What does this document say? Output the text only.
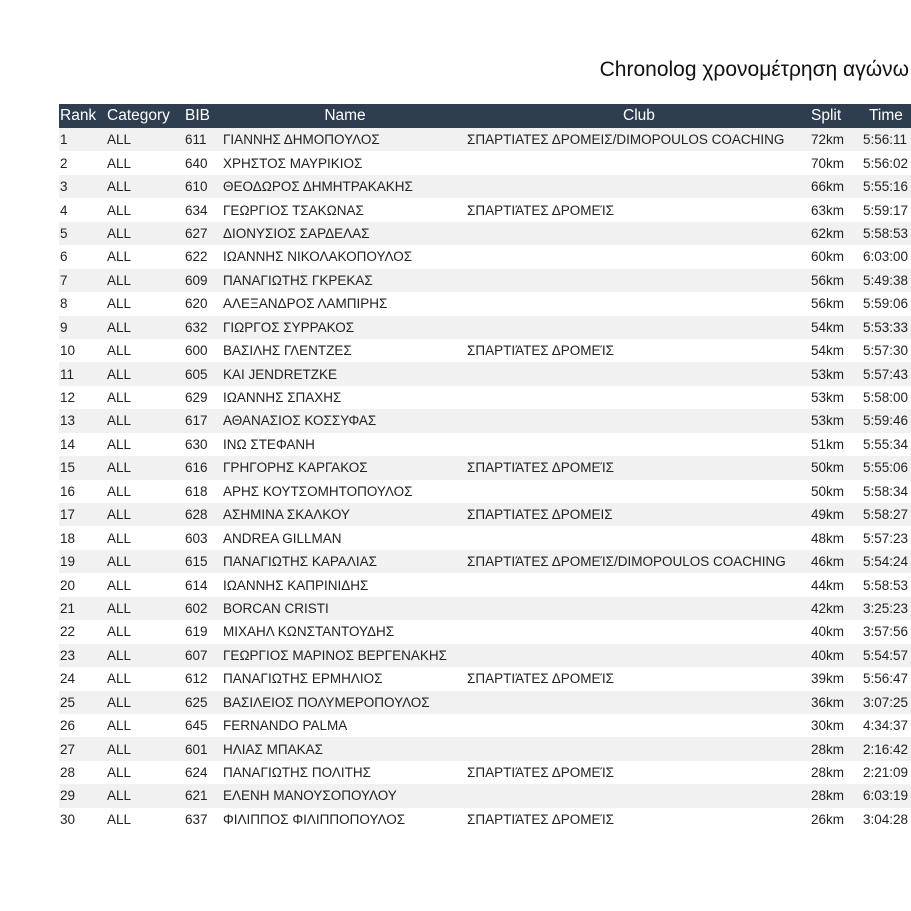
Chronolog χρονομέτρηση αγώνω
Rank	Category	BIB	Name	Club	Split	Time
1	ALL	611	ΓΙΑΝΝΗΣ ΔΗΜΟΠΟΥΛΟΣ	ΣΠΑΡΤΙΑΤΕΣ ΔΡΟΜΕΙΣ/DIMOPOULOS COACHING	72km	5:56:11
2	ALL	640	ΧΡΗΣΤΟΣ ΜΑΥΡΙΚΙΟΣ		70km	5:56:02
3	ALL	610	ΘΕΟΔΩΡΟΣ ΔΗΜΗΤΡΑΚΑΚΗΣ		66km	5:55:16
4	ALL	634	ΓΕΩΡΓΙΟΣ ΤΣΑΚΩΝΑΣ	ΣΠΑΡΤΙΆΤΕΣ ΔΡΟΜΕΊΣ	63km	5:59:17
5	ALL	627	ΔΙΟΝΥΣΙΟΣ ΣΑΡΔΕΛΑΣ		62km	5:58:53
6	ALL	622	ΙΩΑΝΝΗΣ ΝΙΚΟΛΑΚΟΠΟΥΛΟΣ		60km	6:03:00
7	ALL	609	ΠΑΝΑΓΙΩΤΗΣ ΓΚΡΕΚΑΣ		56km	5:49:38
8	ALL	620	ΑΛΕΞΑΝΔΡΟΣ ΛΑΜΠΙΡΗΣ		56km	5:59:06
9	ALL	632	ΓΙΩΡΓΟΣ ΣΥΡΡΑΚΟΣ		54km	5:53:33
10	ALL	600	ΒΑΣΙΛΗΣ ΓΛΕΝΤΖΕΣ	ΣΠΑΡΤΙΆΤΕΣ ΔΡΟΜΕΊΣ	54km	5:57:30
11	ALL	605	KAI JENDRETZKE		53km	5:57:43
12	ALL	629	ΙΩΑΝΝΗΣ ΣΠΑΧΗΣ		53km	5:58:00
13	ALL	617	ΑΘΑΝΑΣΙΟΣ ΚΟΣΣΥΦΑΣ		53km	5:59:46
14	ALL	630	ΙΝΩ ΣΤΕΦΑΝΗ		51km	5:55:34
15	ALL	616	ΓΡΗΓΟΡΗΣ ΚΑΡΓΑΚΟΣ	ΣΠΑΡΤΙΆΤΕΣ ΔΡΟΜΕΊΣ	50km	5:55:06
16	ALL	618	ΑΡΗΣ ΚΟΥΤΣΟΜΗΤΟΠΟΥΛΟΣ		50km	5:58:34
17	ALL	628	ΑΣΗΜΙΝΑ ΣΚΑΛΚΟΥ	ΣΠΑΡΤΙΑΤΕΣ ΔΡΟΜΕΙΣ	49km	5:58:27
18	ALL	603	ANDREA GILLMAN		48km	5:57:23
19	ALL	615	ΠΑΝΑΓΙΩΤΗΣ ΚΑΡΑΛΙΑΣ	ΣΠΑΡΤΙΆΤΕΣ ΔΡΟΜΕΊΣ/DIMOPOULOS COACHING	46km	5:54:24
20	ALL	614	ΙΩΑΝΝΗΣ ΚΑΠΡΙΝΙΔΗΣ		44km	5:58:53
21	ALL	602	BORCAN CRISTI		42km	3:25:23
22	ALL	619	ΜΙΧΑΗΛ ΚΩΝΣΤΑΝΤΟΥΔΗΣ		40km	3:57:56
23	ALL	607	ΓΕΩΡΓΙΟΣ ΜΑΡΙΝΟΣ ΒΕΡΓΕΝΑΚΗΣ		40km	5:54:57
24	ALL	612	ΠΑΝΑΓΙΩΤΗΣ ΕΡΜΗΛΙΟΣ	ΣΠΑΡΤΙΆΤΕΣ ΔΡΟΜΕΊΣ	39km	5:56:47
25	ALL	625	ΒΑΣΙΛΕΙΟΣ ΠΟΛΥΜΕΡΟΠΟΥΛΟΣ		36km	3:07:25
26	ALL	645	FERNANDO PALMA		30km	4:34:37
27	ALL	601	ΗΛΙΑΣ ΜΠΑΚΑΣ		28km	2:16:42
28	ALL	624	ΠΑΝΑΓΙΩΤΗΣ ΠΟΛΙΤΗΣ	ΣΠΑΡΤΙΆΤΕΣ ΔΡΟΜΕΊΣ	28km	2:21:09
29	ALL	621	ΕΛΕΝΗ ΜΑΝΟΥΣΟΠΟΥΛΟΥ		28km	6:03:19
30	ALL	637	ΦΙΛΙΠΠΟΣ ΦΙΛΙΠΠΟΠΟΥΛΟΣ	ΣΠΑΡΤΙΆΤΕΣ ΔΡΟΜΕΊΣ	26km	3:04:28
